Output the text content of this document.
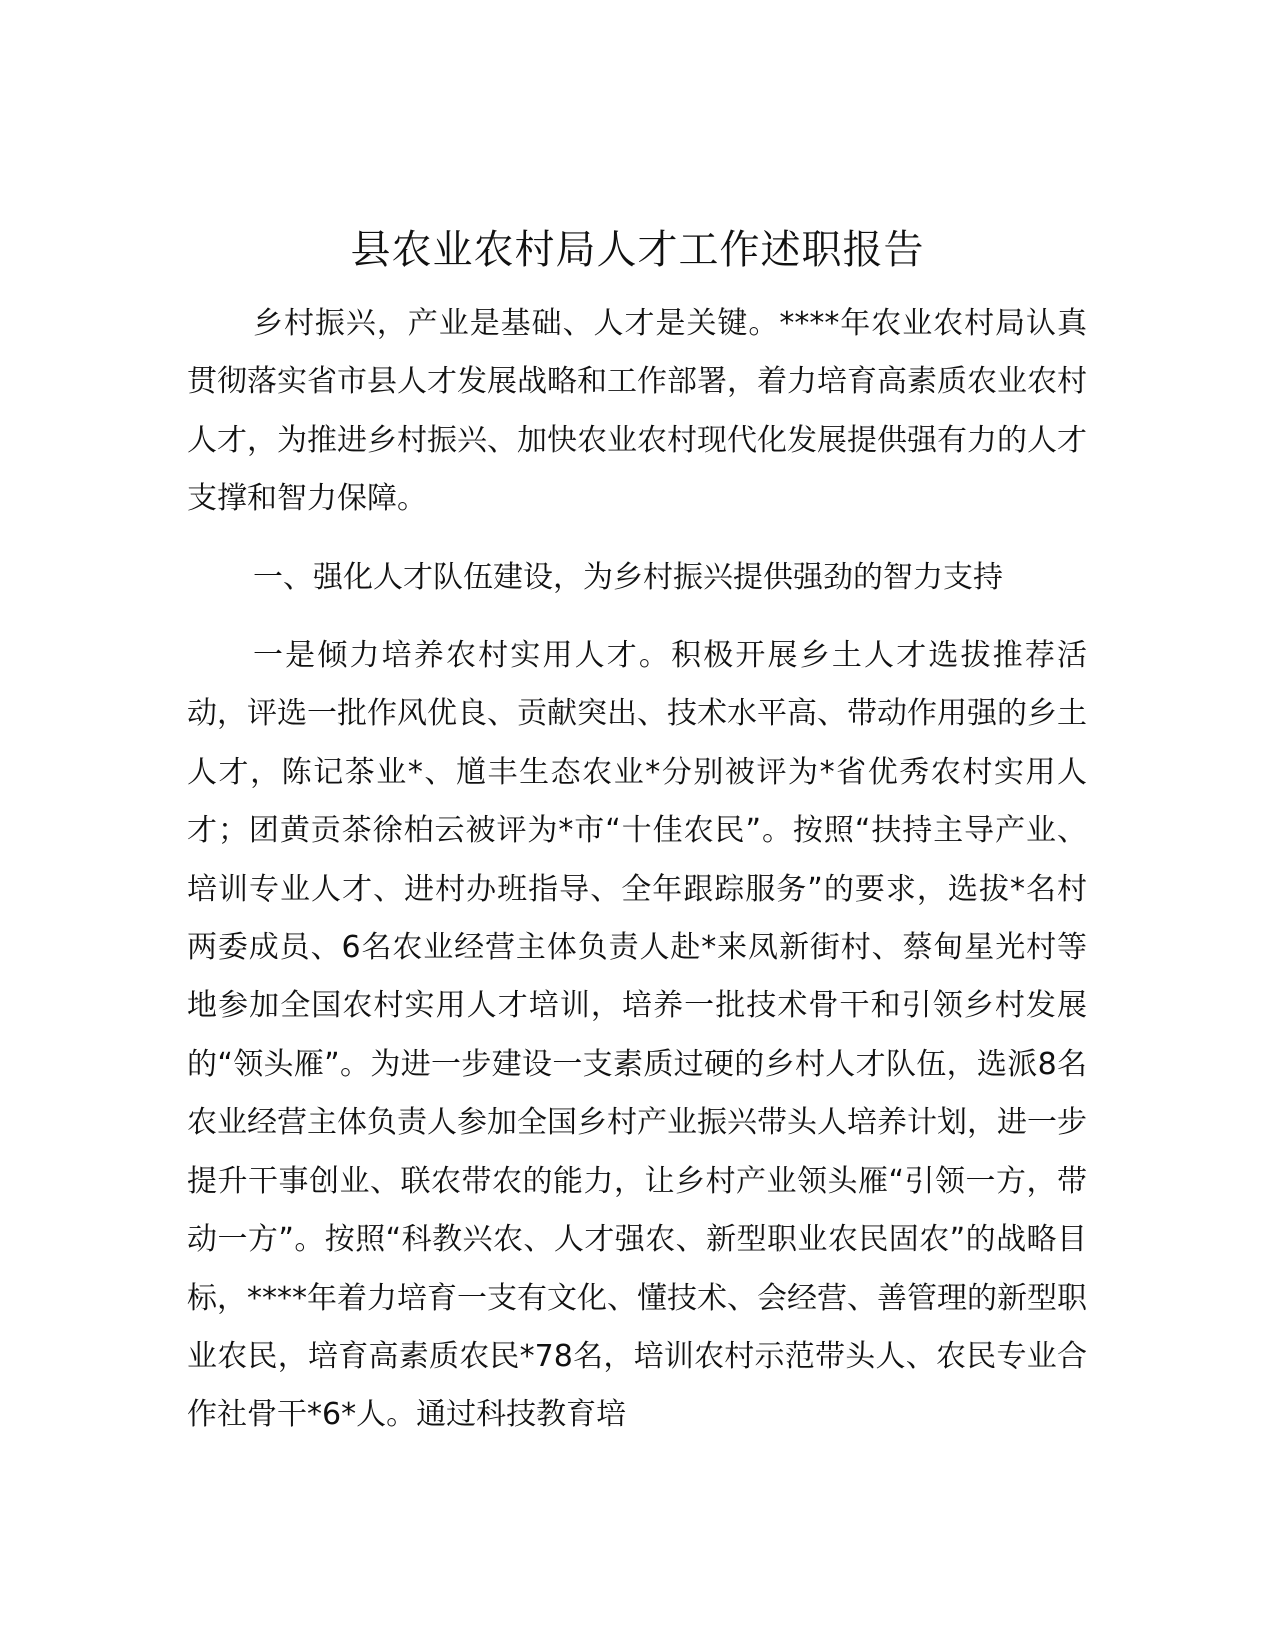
县农业农村局人才工作述职报告

乡村振兴，产业是基础、人才是关键。****年农业农村局认真贯彻落实省市县人才发展战略和工作部署，着力培育高素质农业农村人才，为推进乡村振兴、加快农业农村现代化发展提供强有力的人才支撑和智力保障。

一、强化人才队伍建设，为乡村振兴提供强劲的智力支持

一是倾力培养农村实用人才。积极开展乡土人才选拔推荐活动，评选一批作风优良、贡献突出、技术水平高、带动作用强的乡土人才，陈记茶业*、馗丰生态农业*分别被评为*省优秀农村实用人才；团黄贡茶徐柏云被评为*市“十佳农民”。按照“扶持主导产业、培训专业人才、进村办班指导、全年跟踪服务”的要求，选拔*名村两委成员、6名农业经营主体负责人赴*来凤新街村、蔡甸星光村等地参加全国农村实用人才培训，培养一批技术骨干和引领乡村发展的“领头雁”。为进一步建设一支素质过硬的乡村人才队伍，选派8名农业经营主体负责人参加全国乡村产业振兴带头人培养计划，进一步提升干事创业、联农带农的能力，让乡村产业领头雁“引领一方，带动一方”。按照“科教兴农、人才强农、新型职业农民固农”的战略目标，****年着力培育一支有文化、懂技术、会经营、善管理的新型职业农民，培育高素质农民*78名，培训农村示范带头人、农民专业合作社骨干*6*人。通过科技教育培
